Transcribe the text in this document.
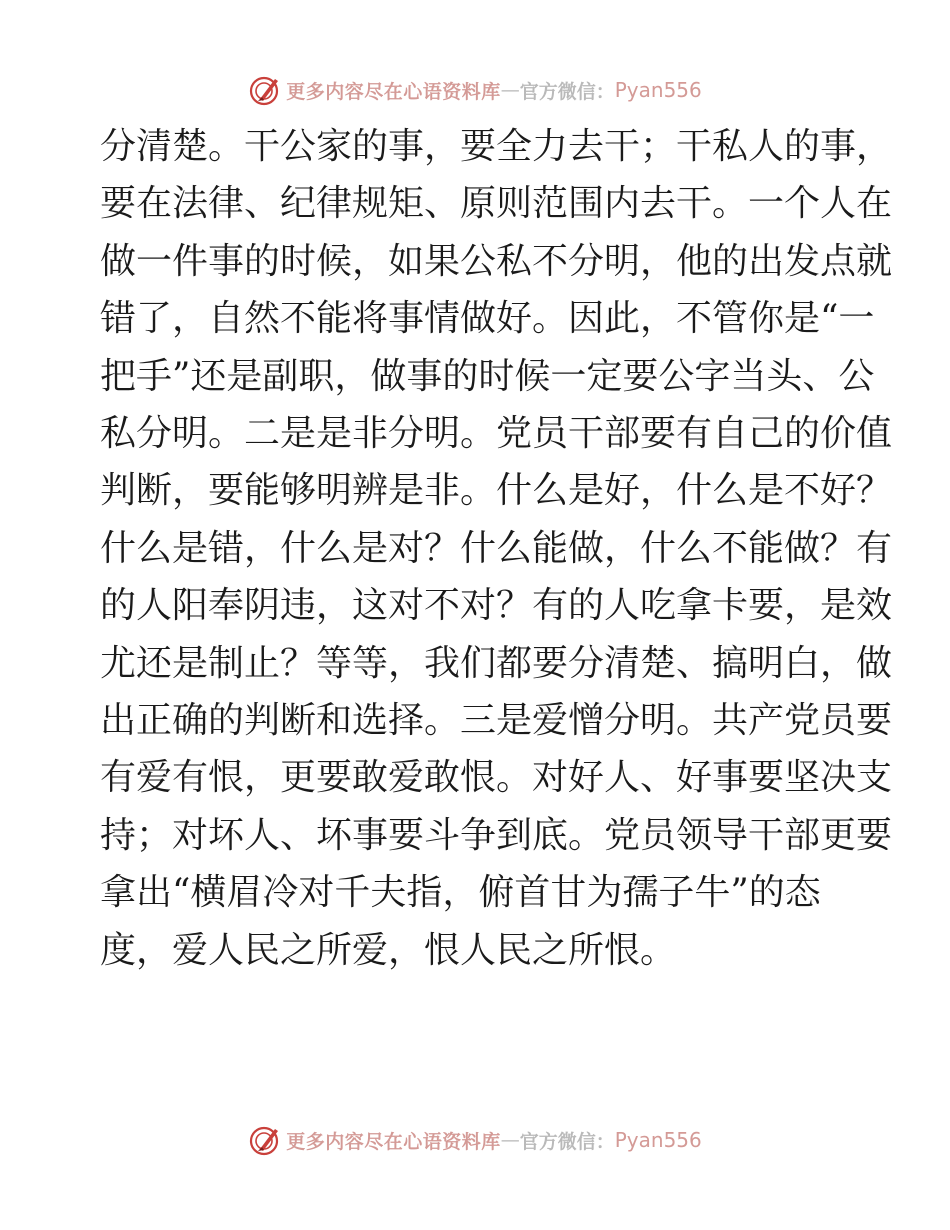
更多内容尽在心语资料库 — 官方微信： Pyan556
分清楚。干公家的事，要全力去干；干私人的事，
要在法律、纪律规矩、原则范围内去干。一个人在
做一件事的时候，如果公私不分明，他的出发点就
错了，自然不能将事情做好。因此，不管你是“一
把手”还是副职，做事的时候一定要公字当头、公
私分明。二是是非分明。党员干部要有自己的价值
判断，要能够明辨是非。什么是好，什么是不好？
什么是错，什么是对？什么能做，什么不能做？有
的人阳奉阴违，这对不对？有的人吃拿卡要，是效
尤还是制止？等等，我们都要分清楚、搞明白，做
出正确的判断和选择。三是爱憎分明。共产党员要
有爱有恨，更要敢爱敢恨。对好人、好事要坚决支
持；对坏人、坏事要斗争到底。党员领导干部更要
拿出“横眉冷对千夫指，俯首甘为孺子牛”的态
度，爱人民之所爱，恨人民之所恨。
更多内容尽在心语资料库 — 官方微信： Pyan556
